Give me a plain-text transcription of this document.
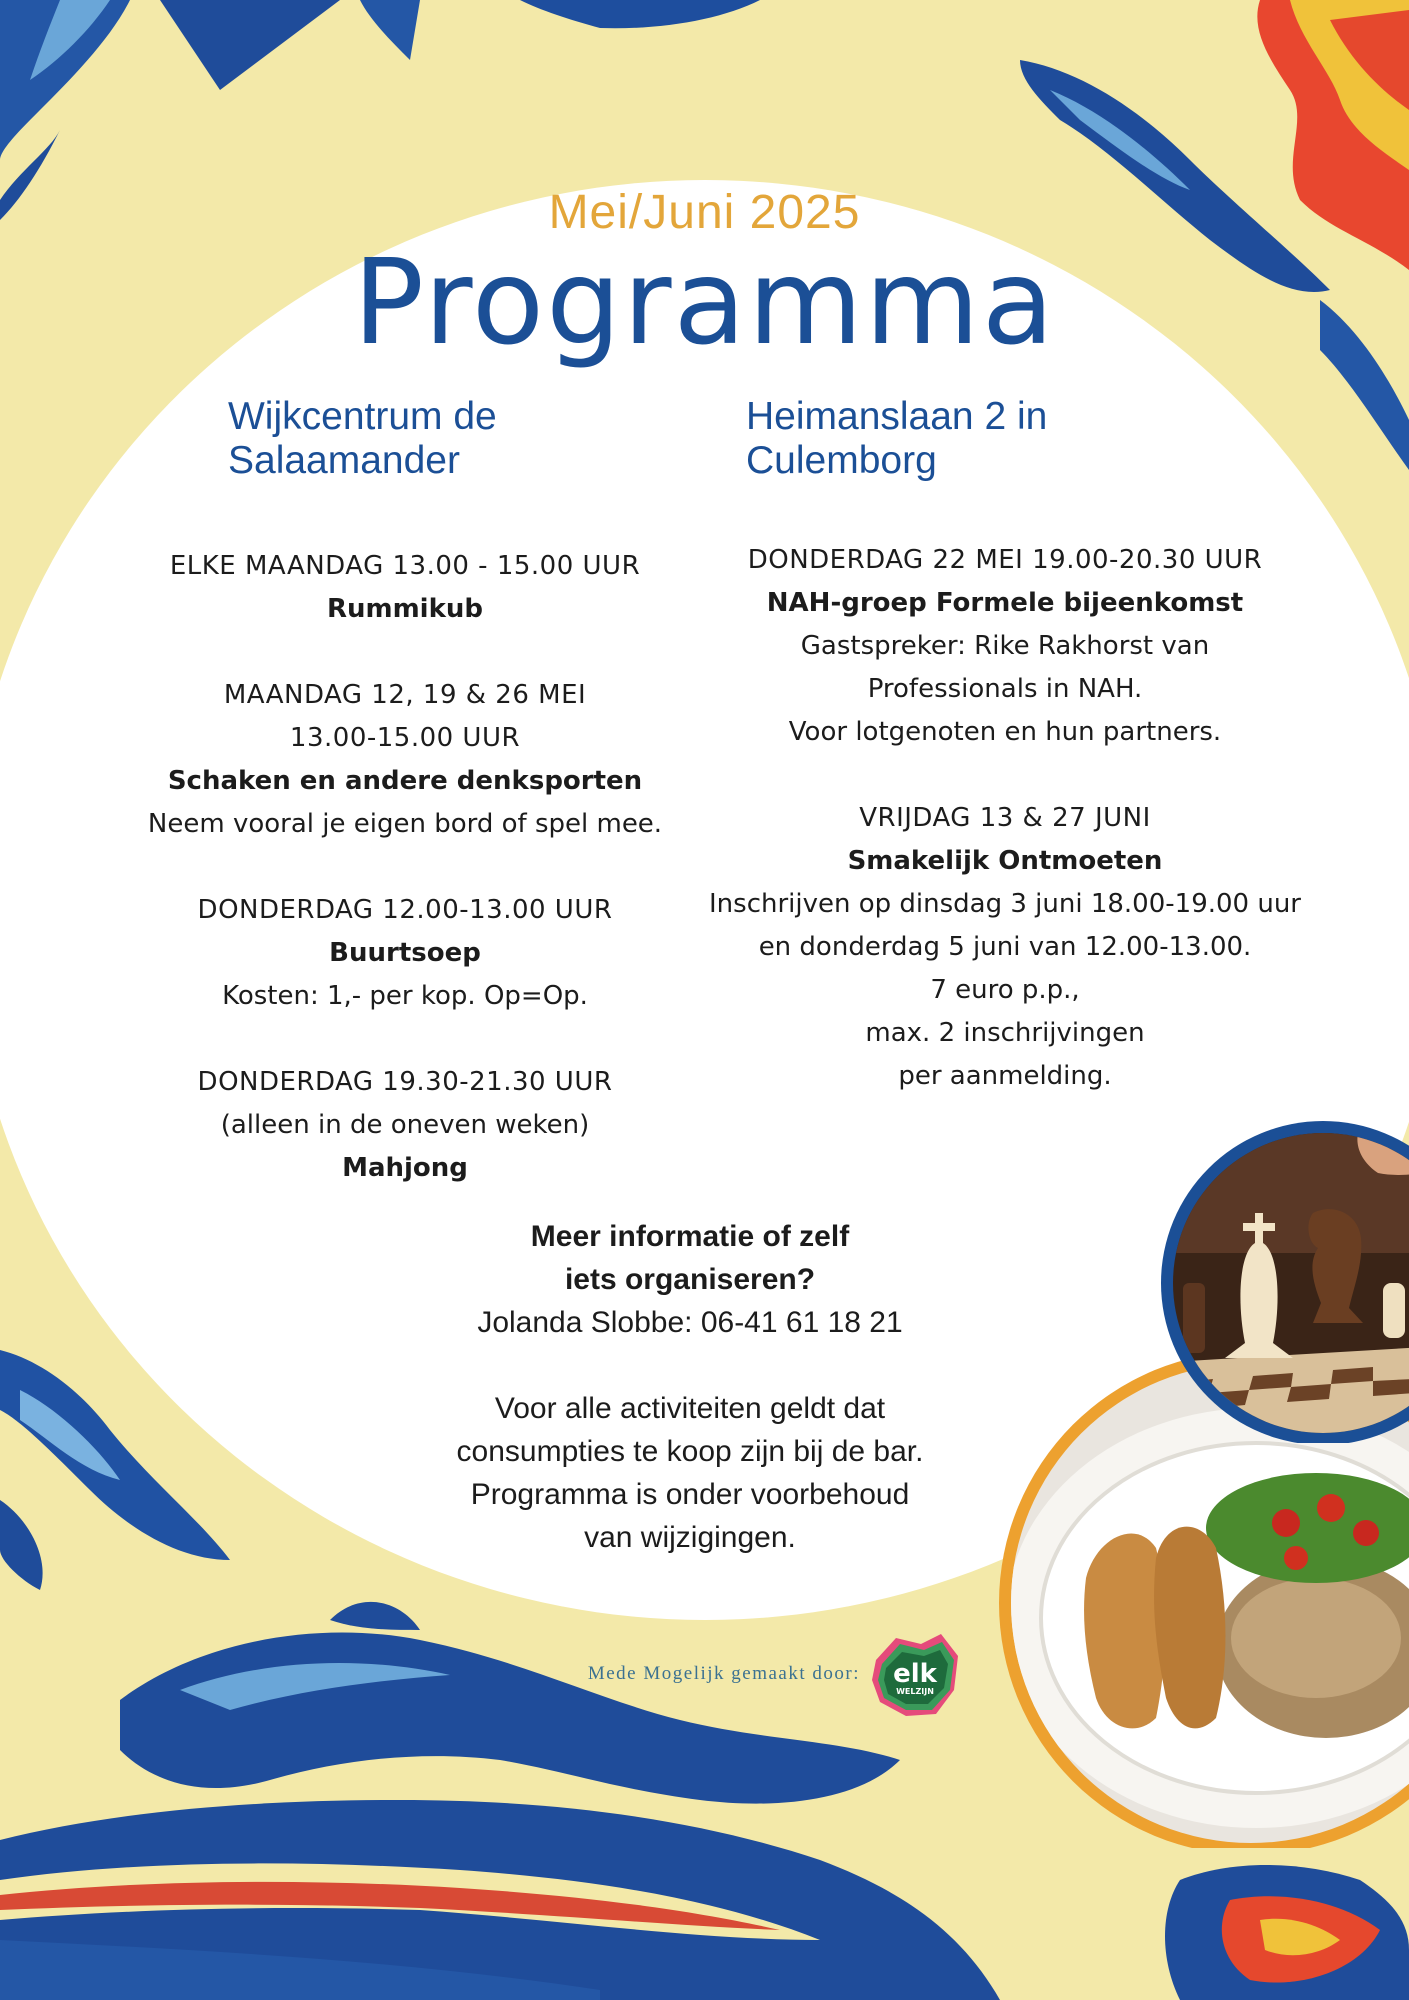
Mei/Juni 2025
Programma
Wijkcentrum de Salaamander
Heimanslaan 2 in Culemborg
ELKE MAANDAG 13.00 - 15.00 UUR
Rummikub
MAANDAG 12, 19 & 26 MEI
13.00-15.00 UUR
Schaken en andere denksporten
Neem vooral je eigen bord of spel mee.
DONDERDAG 12.00-13.00 UUR
Buurtsoep
Kosten: 1,- per kop. Op=Op.
DONDERDAG 19.30-21.30 UUR
(alleen in de oneven weken)
Mahjong
DONDERDAG 22 MEI 19.00-20.30 UUR
NAH-groep Formele bijeenkomst
Gastspreker: Rike Rakhorst van
Professionals in NAH.
Voor lotgenoten en hun partners.
VRIJDAG 13 & 27 JUNI
Smakelijk Ontmoeten
Inschrijven op dinsdag 3 juni 18.00-19.00 uur
en donderdag 5 juni van 12.00-13.00.
7 euro p.p.,
max. 2 inschrijvingen
per aanmelding.
Meer informatie of zelf
iets organiseren?
Jolanda Slobbe: 06-41 61 18 21
Voor alle activiteiten geldt dat
consumpties te koop zijn bij de bar.
Programma is onder voorbehoud
van wijzigingen.
Mede Mogelijk gemaakt door: elk
WELZIJN
